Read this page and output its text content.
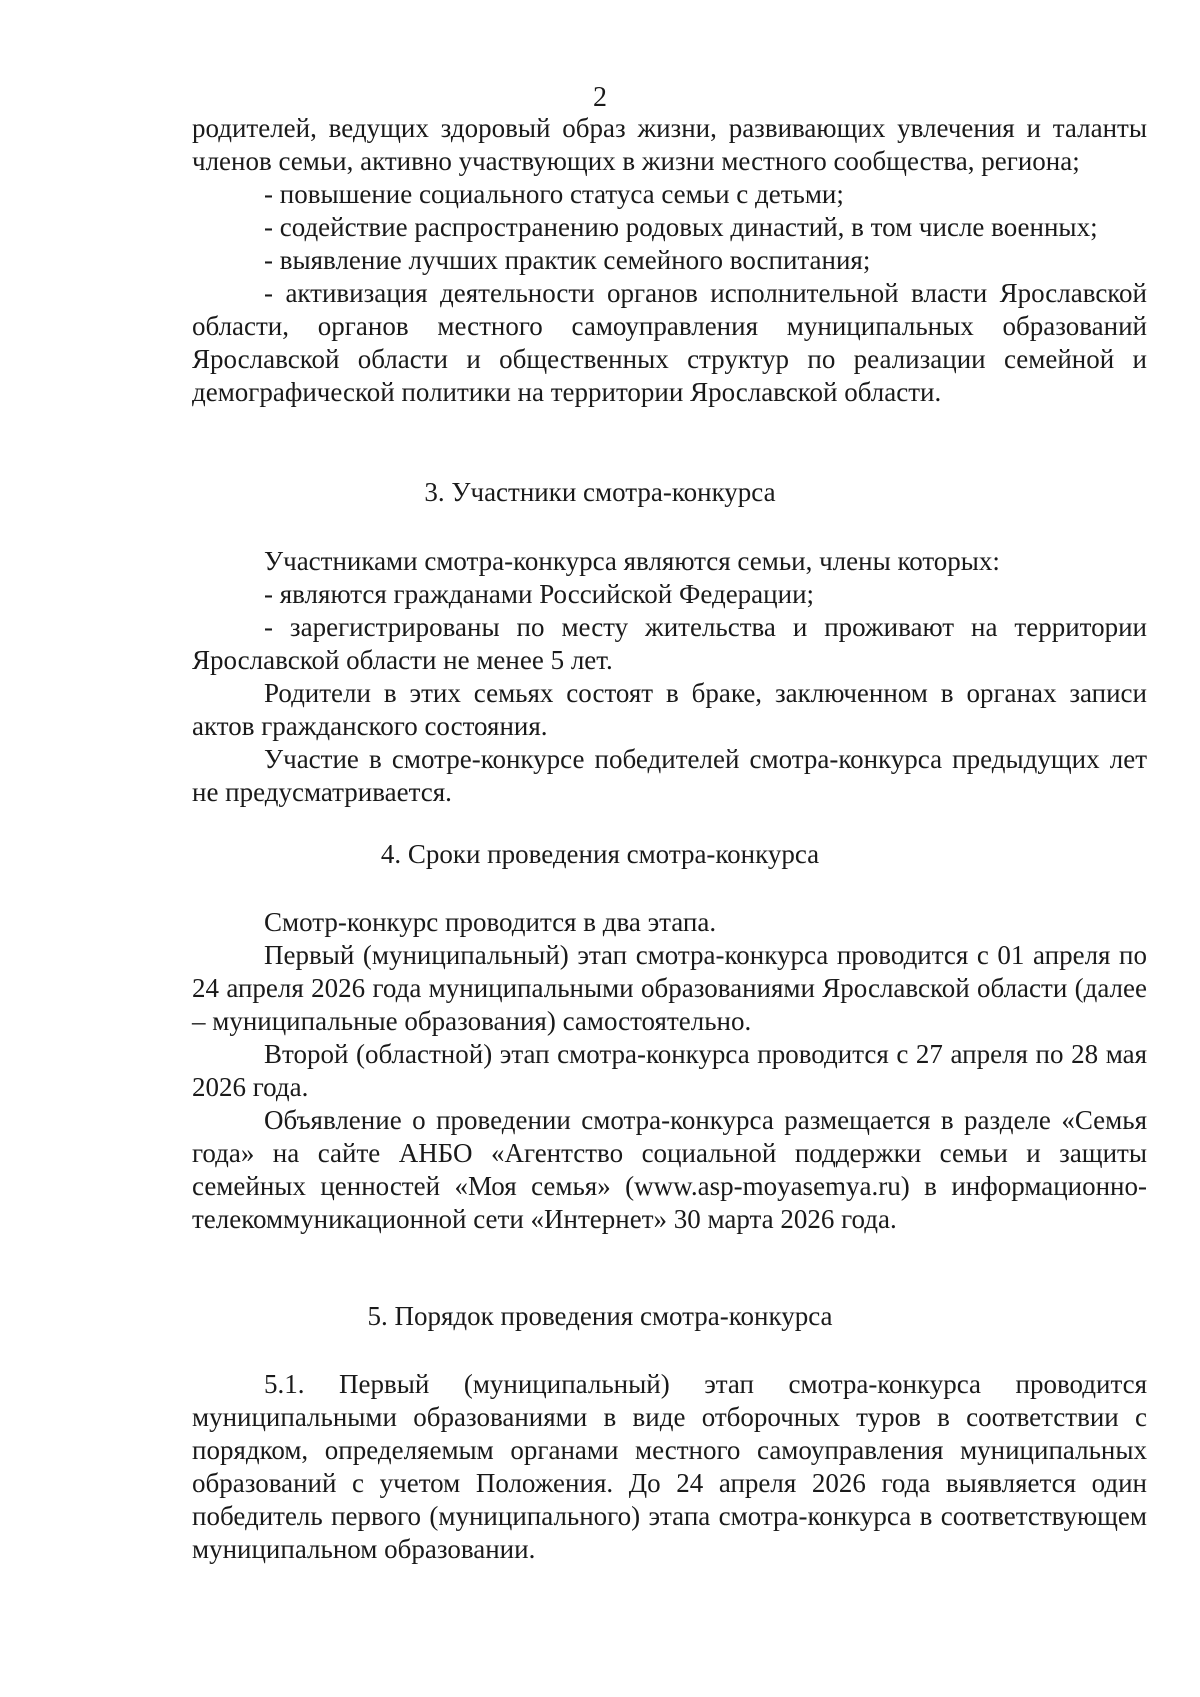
2

родителей, ведущих здоровый образ жизни, развивающих увлечения и таланты членов семьи, активно участвующих в жизни местного сообщества, региона;

- повышение социального статуса семьи с детьми;

- содействие распространению родовых династий, в том числе военных;

- выявление лучших практик семейного воспитания;

- активизация деятельности органов исполнительной власти Ярославской области, органов местного самоуправления муниципальных образований Ярославской области и общественных структур по реализации семейной и демографической политики на территории Ярославской области.

3. Участники смотра-конкурса

Участниками смотра-конкурса являются семьи, члены которых:

- являются гражданами Российской Федерации;

- зарегистрированы по месту жительства и проживают на территории Ярославской области не менее 5 лет.

Родители в этих семьях состоят в браке, заключенном в органах записи актов гражданского состояния.

Участие в смотре-конкурсе победителей смотра-конкурса предыдущих лет не предусматривается.

4. Сроки проведения смотра-конкурса

Смотр-конкурс проводится в два этапа.

Первый (муниципальный) этап смотра-конкурса проводится с 01 апреля по 24 апреля 2026 года муниципальными образованиями Ярославской области (далее – муниципальные образования) самостоятельно.

Второй (областной) этап смотра-конкурса проводится с 27 апреля по 28 мая 2026 года.

Объявление о проведении смотра-конкурса размещается в разделе «Семья года» на сайте АНБО «Агентство социальной поддержки семьи и защиты семейных ценностей «Моя семья» (www.asp-moyasemya.ru) в информационно-телекоммуникационной сети «Интернет» 30 марта 2026 года.

5. Порядок проведения смотра-конкурса

5.1. Первый (муниципальный) этап смотра-конкурса проводится муниципальными образованиями в виде отборочных туров в соответствии с порядком, определяемым органами местного самоуправления муниципальных образований с учетом Положения. До 24 апреля 2026 года выявляется один победитель первого (муниципального) этапа смотра-конкурса в соответствующем муниципальном образовании.
